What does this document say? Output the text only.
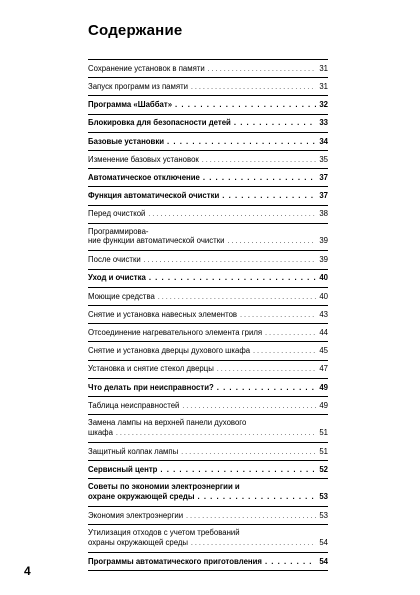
Содержание
Сохранение установок в памяти . . .	31
Запуск программ из памяти . . .	31
Программа «Шаббат» . . .	32
Блокировка для безопасности детей . . .	33
Базовые установки . . .	34
Изменение базовых установок . . .	35
Автоматическое отключение . . .	37
Функция автоматической очистки . . .	37
Перед очисткой . . .	38
Программирова-
ние функции автоматической очистки . . .	39
После очистки . . .	39
Уход и очистка . . .	40
Моющие средства . . .	40
Снятие и установка навесных элементов . . .	43
Отсоединение нагревательного элемента гриля . . .	44
Снятие и установка дверцы духового шкафа . . .	45
Установка и снятие стекол дверцы . . .	47
Что делать при неисправности? . . .	49
Таблица неисправностей . . .	49
Замена лампы на верхней панели духового
шкафа . . .	51
Защитный колпак лампы . . .	51
Сервисный центр . . .	52
Советы по экономии электроэнергии и
охране окружающей среды . . .	53
Экономия электроэнергии . . .	53
Утилизация отходов с учетом требований
охраны окружающей среды . . .	54
Программы автоматического приготовления . . .	54
4
